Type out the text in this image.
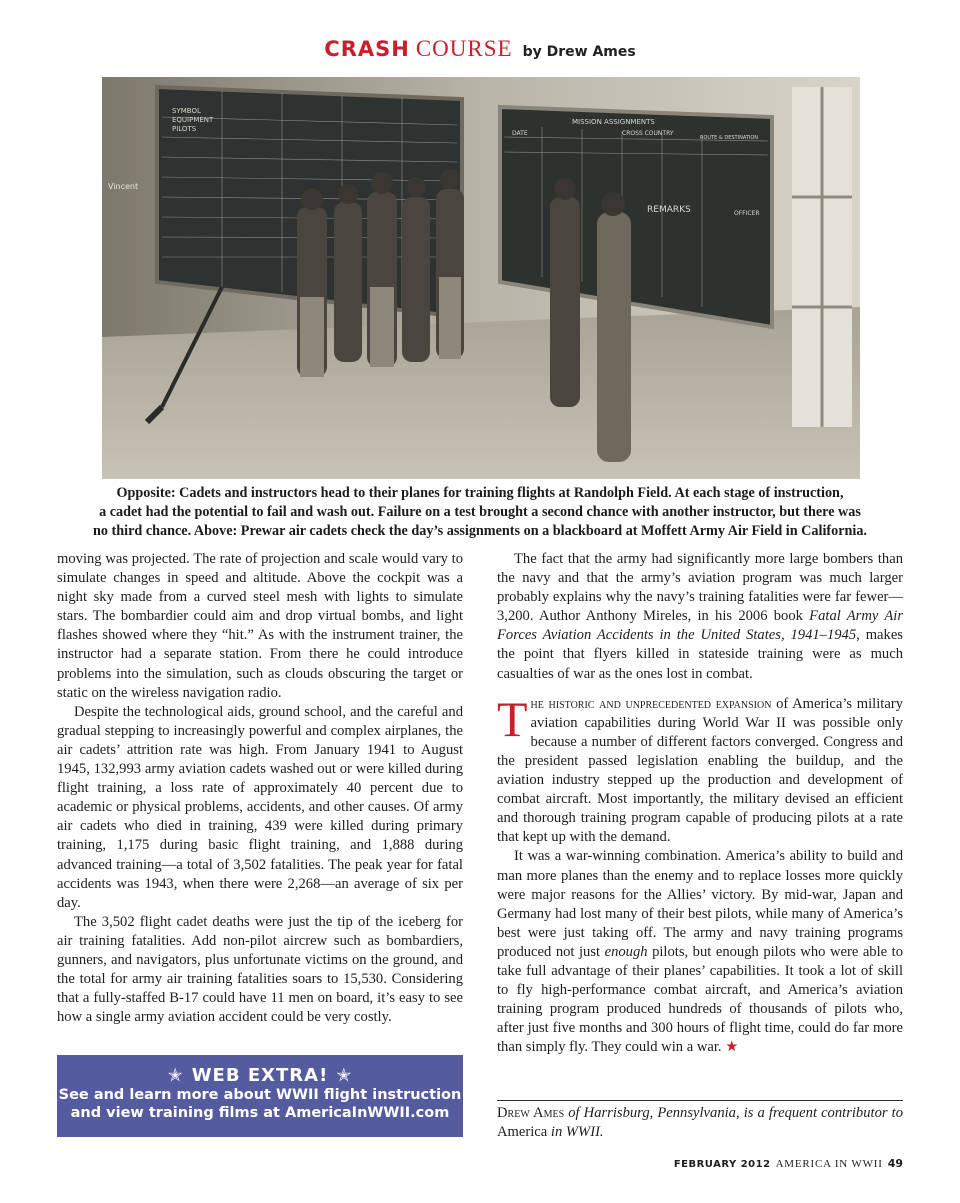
CRASH COURSE by Drew Ames
SYMBOL
EQUIPMENT
PILOTS
Vincent
MISSION ASSIGNMENTS
DATE	CROSS COUNTRY
ROUTE & DESTINATION
REMARKS	OFFICER
Opposite: Cadets and instructors head to their planes for training flights at Randolph Field. At each stage of instruction,
a cadet had the potential to fail and wash out. Failure on a test brought a second chance with another instructor, but there was
no third chance. Above: Prewar air cadets check the day’s assignments on a blackboard at Moffett Army Air Field in California.

moving was projected. The rate of projection and scale would vary to simulate changes in speed and altitude. Above the cockpit was a night sky made from a curved steel mesh with lights to simulate stars. The bombardier could aim and drop virtual bombs, and light flashes showed where they “hit.” As with the instrument trainer, the instructor had a separate station. From there he could introduce problems into the simulation, such as clouds obscuring the target or static on the wireless navigation radio.

Despite the technological aids, ground school, and the careful and gradual stepping to increasingly powerful and complex airplanes, the air cadets’ attrition rate was high. From January 1941 to August 1945, 132,993 army aviation cadets washed out or were killed during flight training, a loss rate of approximately 40 percent due to academic or physical problems, accidents, and other causes. Of army air cadets who died in training, 439 were killed during primary training, 1,175 during basic flight training, and 1,888 during advanced training—a total of 3,502 fatalities. The peak year for fatal accidents was 1943, when there were 2,268—an average of six per day.

The 3,502 flight cadet deaths were just the tip of the iceberg for air training fatalities. Add non-pilot aircrew such as bombardiers, gunners, and navigators, plus unfortunate victims on the ground, and the total for army air training fatalities soars to 15,530. Considering that a fully-staffed B-17 could have 11 men on board, it’s easy to see how a single army aviation accident could be very costly.

The fact that the army had significantly more large bombers than the navy and that the army’s aviation program was much larger probably explains why the navy’s training fatalities were far fewer—3,200. Author Anthony Mireles, in his 2006 book Fatal Army Air Forces Aviation Accidents in the United States, 1941–1945, makes the point that flyers killed in stateside training were as much casualties of war as the ones lost in combat.

The historic and unprecedented expansion of America’s military aviation capabilities during World War II was possible only because a number of different factors converged. Congress and the president passed legislation enabling the buildup, and the aviation industry stepped up the production and development of combat aircraft. Most importantly, the military devised an efficient and thorough training program capable of producing pilots at a rate that kept up with the demand.

It was a war-winning combination. America’s ability to build and man more planes than the enemy and to replace losses more quickly were major reasons for the Allies’ victory. By mid-war, Japan and Germany had lost many of their best pilots, while many of America’s best were just taking off. The army and navy training programs produced not just enough pilots, but enough pilots who were able to take full advantage of their planes’ capabilities. It took a lot of skill to fly high-performance combat aircraft, and America’s aviation training program produced hundreds of thousands of pilots who, after just five months and 300 hours of flight time, could do far more than simply fly. They could win a war. ★

✭ WEB EXTRA! ✭
See and learn more about WWII flight instruction
and view training films at AmericaInWWII.com	Drew Ames of Harrisburg, Pennsylvania, is a frequent contributor to America in WWII.
FEBRUARY 2012 AMERICA IN WWII 49
